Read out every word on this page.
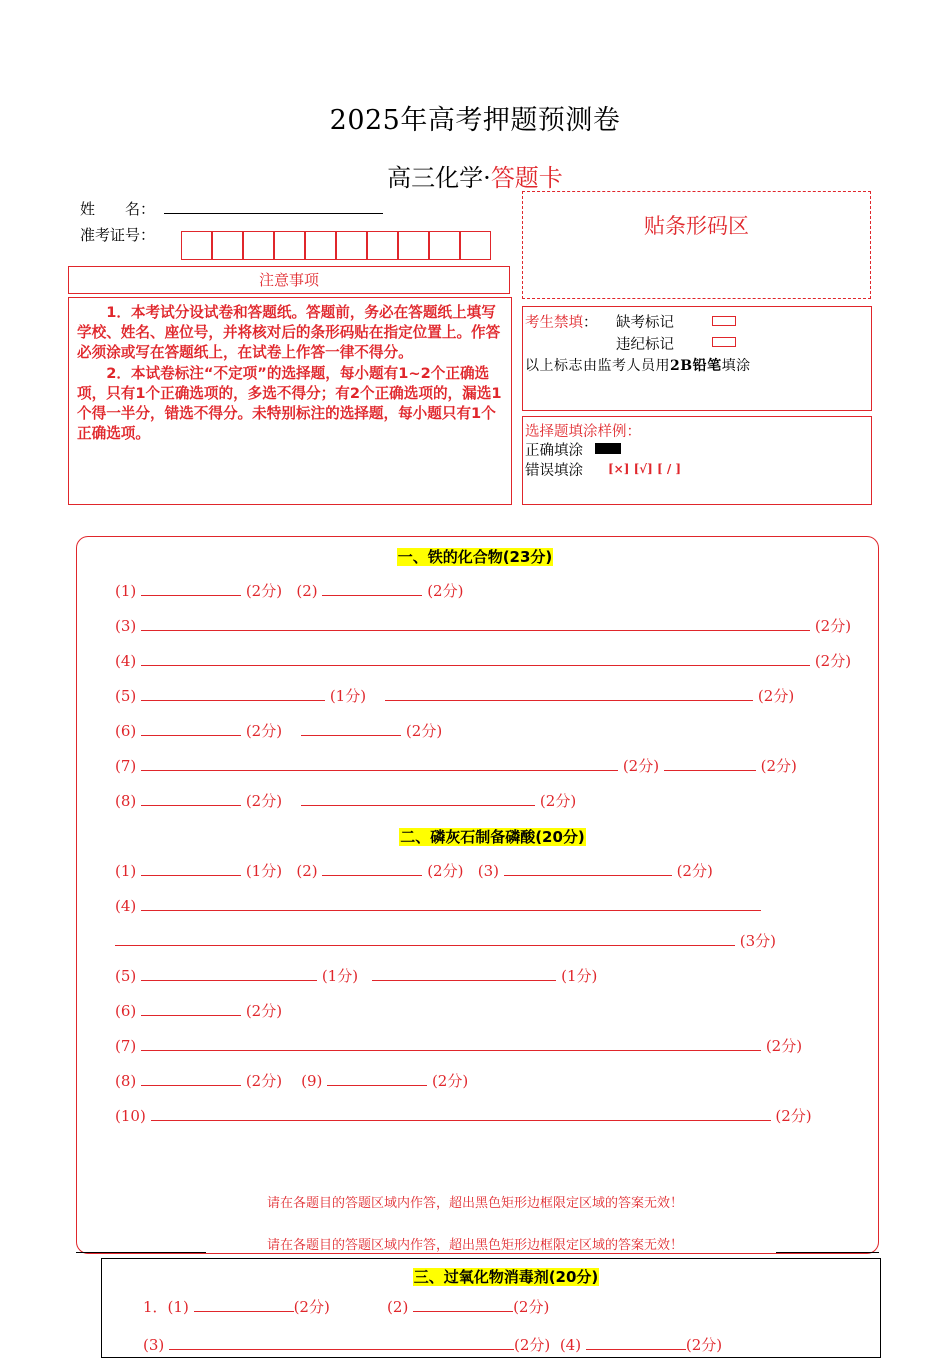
2025年高考押题预测卷
高三化学·答题卡
姓　　名：
准考证号：
注意事项

1．本考试分设试卷和答题纸。答题前，务必在答题纸上填写学校、姓名、座位号，并将核对后的条形码贴在指定位置上。作答必须涂或写在答题纸上，在试卷上作答一律不得分。

2．本试卷标注“不定项”的选择题，每小题有1~2个正确选项，只有1个正确选项的，多选不得分；有2个正确选项的，漏选1个得一半分，错选不得分。未特别标注的选择题，每小题只有1个正确选项。

贴条形码区
考生禁填： 缺考标记
违纪标记
以上标志由监考人员用2B铅笔填涂
选择题填涂样例：
正确填涂
错误填涂 [×] [√] [ / ]
一、铁的化合物(23分)
(1)	(2分) (2)	(2分)
(3)	(2分)
(4)	(2分)
(5)	(1分)	(2分)
(6)	(2分)	(2分)
(7)	(2分)	(2分)
(8)	(2分)	(2分)
二、磷灰石制备磷酸(20分)
(1)	(1分) (2)	(2分) (3)	(2分)
(4)
(3分)
(5)	(1分)	(1分)
(6)	(2分)
(7)	(2分)
(8)	(2分) (9)	(2分)
(10)	(2分)
请在各题目的答题区域内作答，超出黑色矩形边框限定区域的答案无效！
请在各题目的答题区域内作答，超出黑色矩形边框限定区域的答案无效！
三、过氧化物消毒剂(20分)
1．(1)	(2分)	(2)	(2分)
(3)	(2分) (4)	(2分)
